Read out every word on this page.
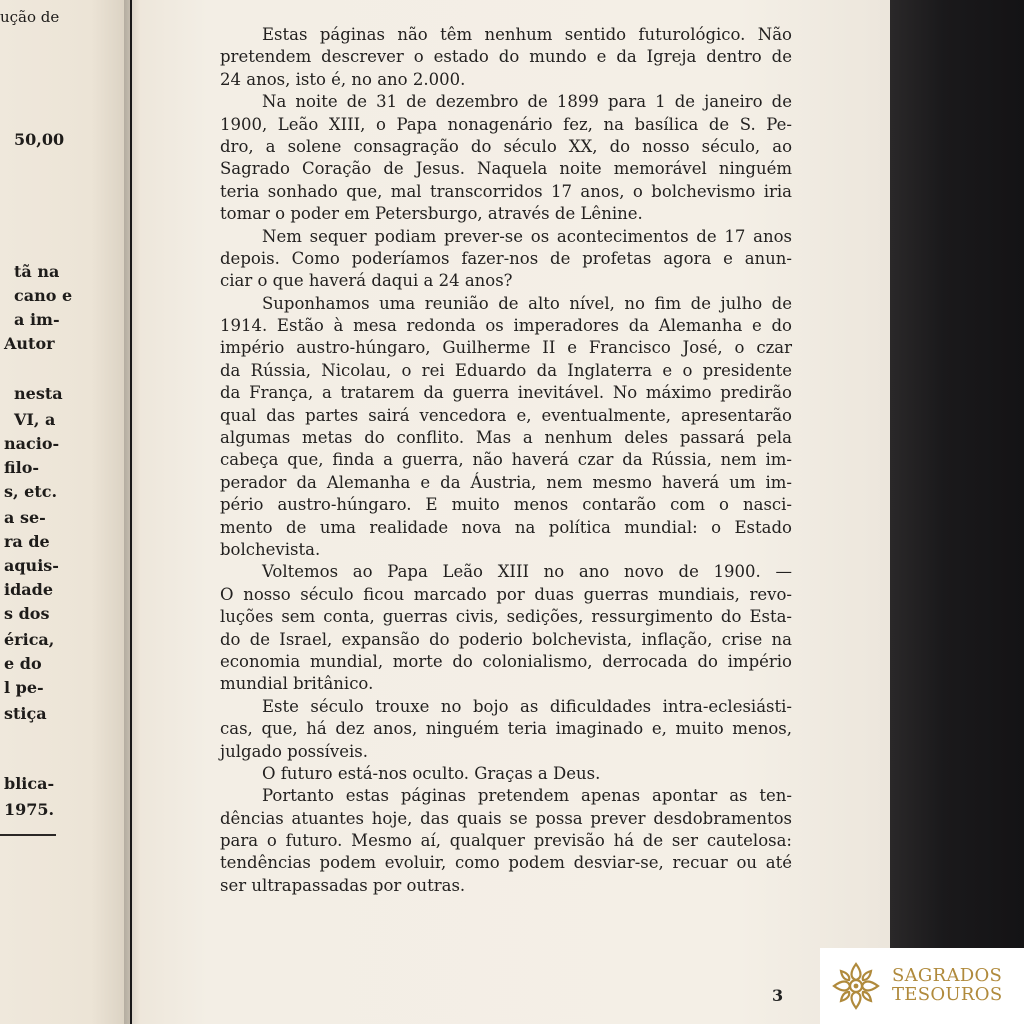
ução de
50,00
tã na
cano e
a im-
Autor
nesta
VI, a
nacio-
filo-
s, etc.
a se-
ra de
aquis-
idade
s dos
érica,
e do
l pe-
stiça
blica-
1975.
Estas páginas não têm nenhum sentido futurológico. Não
pretendem descrever o estado do mundo e da Igreja dentro de
24 anos, isto é, no ano 2.000.
Na noite de 31 de dezembro de 1899 para 1 de janeiro de
1900, Leão XIII, o Papa nonagenário fez, na basílica de S. Pe-
dro, a solene consagração do século XX, do nosso século, ao
Sagrado Coração de Jesus. Naquela noite memorável ninguém
teria sonhado que, mal transcorridos 17 anos, o bolchevismo iria
tomar o poder em Petersburgo, através de Lênine.
Nem sequer podiam prever-se os acontecimentos de 17 anos
depois. Como poderíamos fazer-nos de profetas agora e anun-
ciar o que haverá daqui a 24 anos?
Suponhamos uma reunião de alto nível, no fim de julho de
1914. Estão à mesa redonda os imperadores da Alemanha e do
império austro-húngaro, Guilherme II e Francisco José, o czar
da Rússia, Nicolau, o rei Eduardo da Inglaterra e o presidente
da França, a tratarem da guerra inevitável. No máximo predirão
qual das partes sairá vencedora e, eventualmente, apresentarão
algumas metas do conflito. Mas a nenhum deles passará pela
cabeça que, finda a guerra, não haverá czar da Rússia, nem im-
perador da Alemanha e da Áustria, nem mesmo haverá um im-
pério austro-húngaro. E muito menos contarão com o nasci-
mento de uma realidade nova na política mundial: o Estado
bolchevista.
Voltemos ao Papa Leão XIII no ano novo de 1900. —
O nosso século ficou marcado por duas guerras mundiais, revo-
luções sem conta, guerras civis, sedições, ressurgimento do Esta-
do de Israel, expansão do poderio bolchevista, inflação, crise na
economia mundial, morte do colonialismo, derrocada do império
mundial britânico.
Este século trouxe no bojo as dificuldades intra-eclesiásti-
cas, que, há dez anos, ninguém teria imaginado e, muito menos,
julgado possíveis.
O futuro está-nos oculto. Graças a Deus.
Portanto estas páginas pretendem apenas apontar as ten-
dências atuantes hoje, das quais se possa prever desdobramentos
para o futuro. Mesmo aí, qualquer previsão há de ser cautelosa:
tendências podem evoluir, como podem desviar-se, recuar ou até
ser ultrapassadas por outras.
3
SAGRADOS
TESOUROS
